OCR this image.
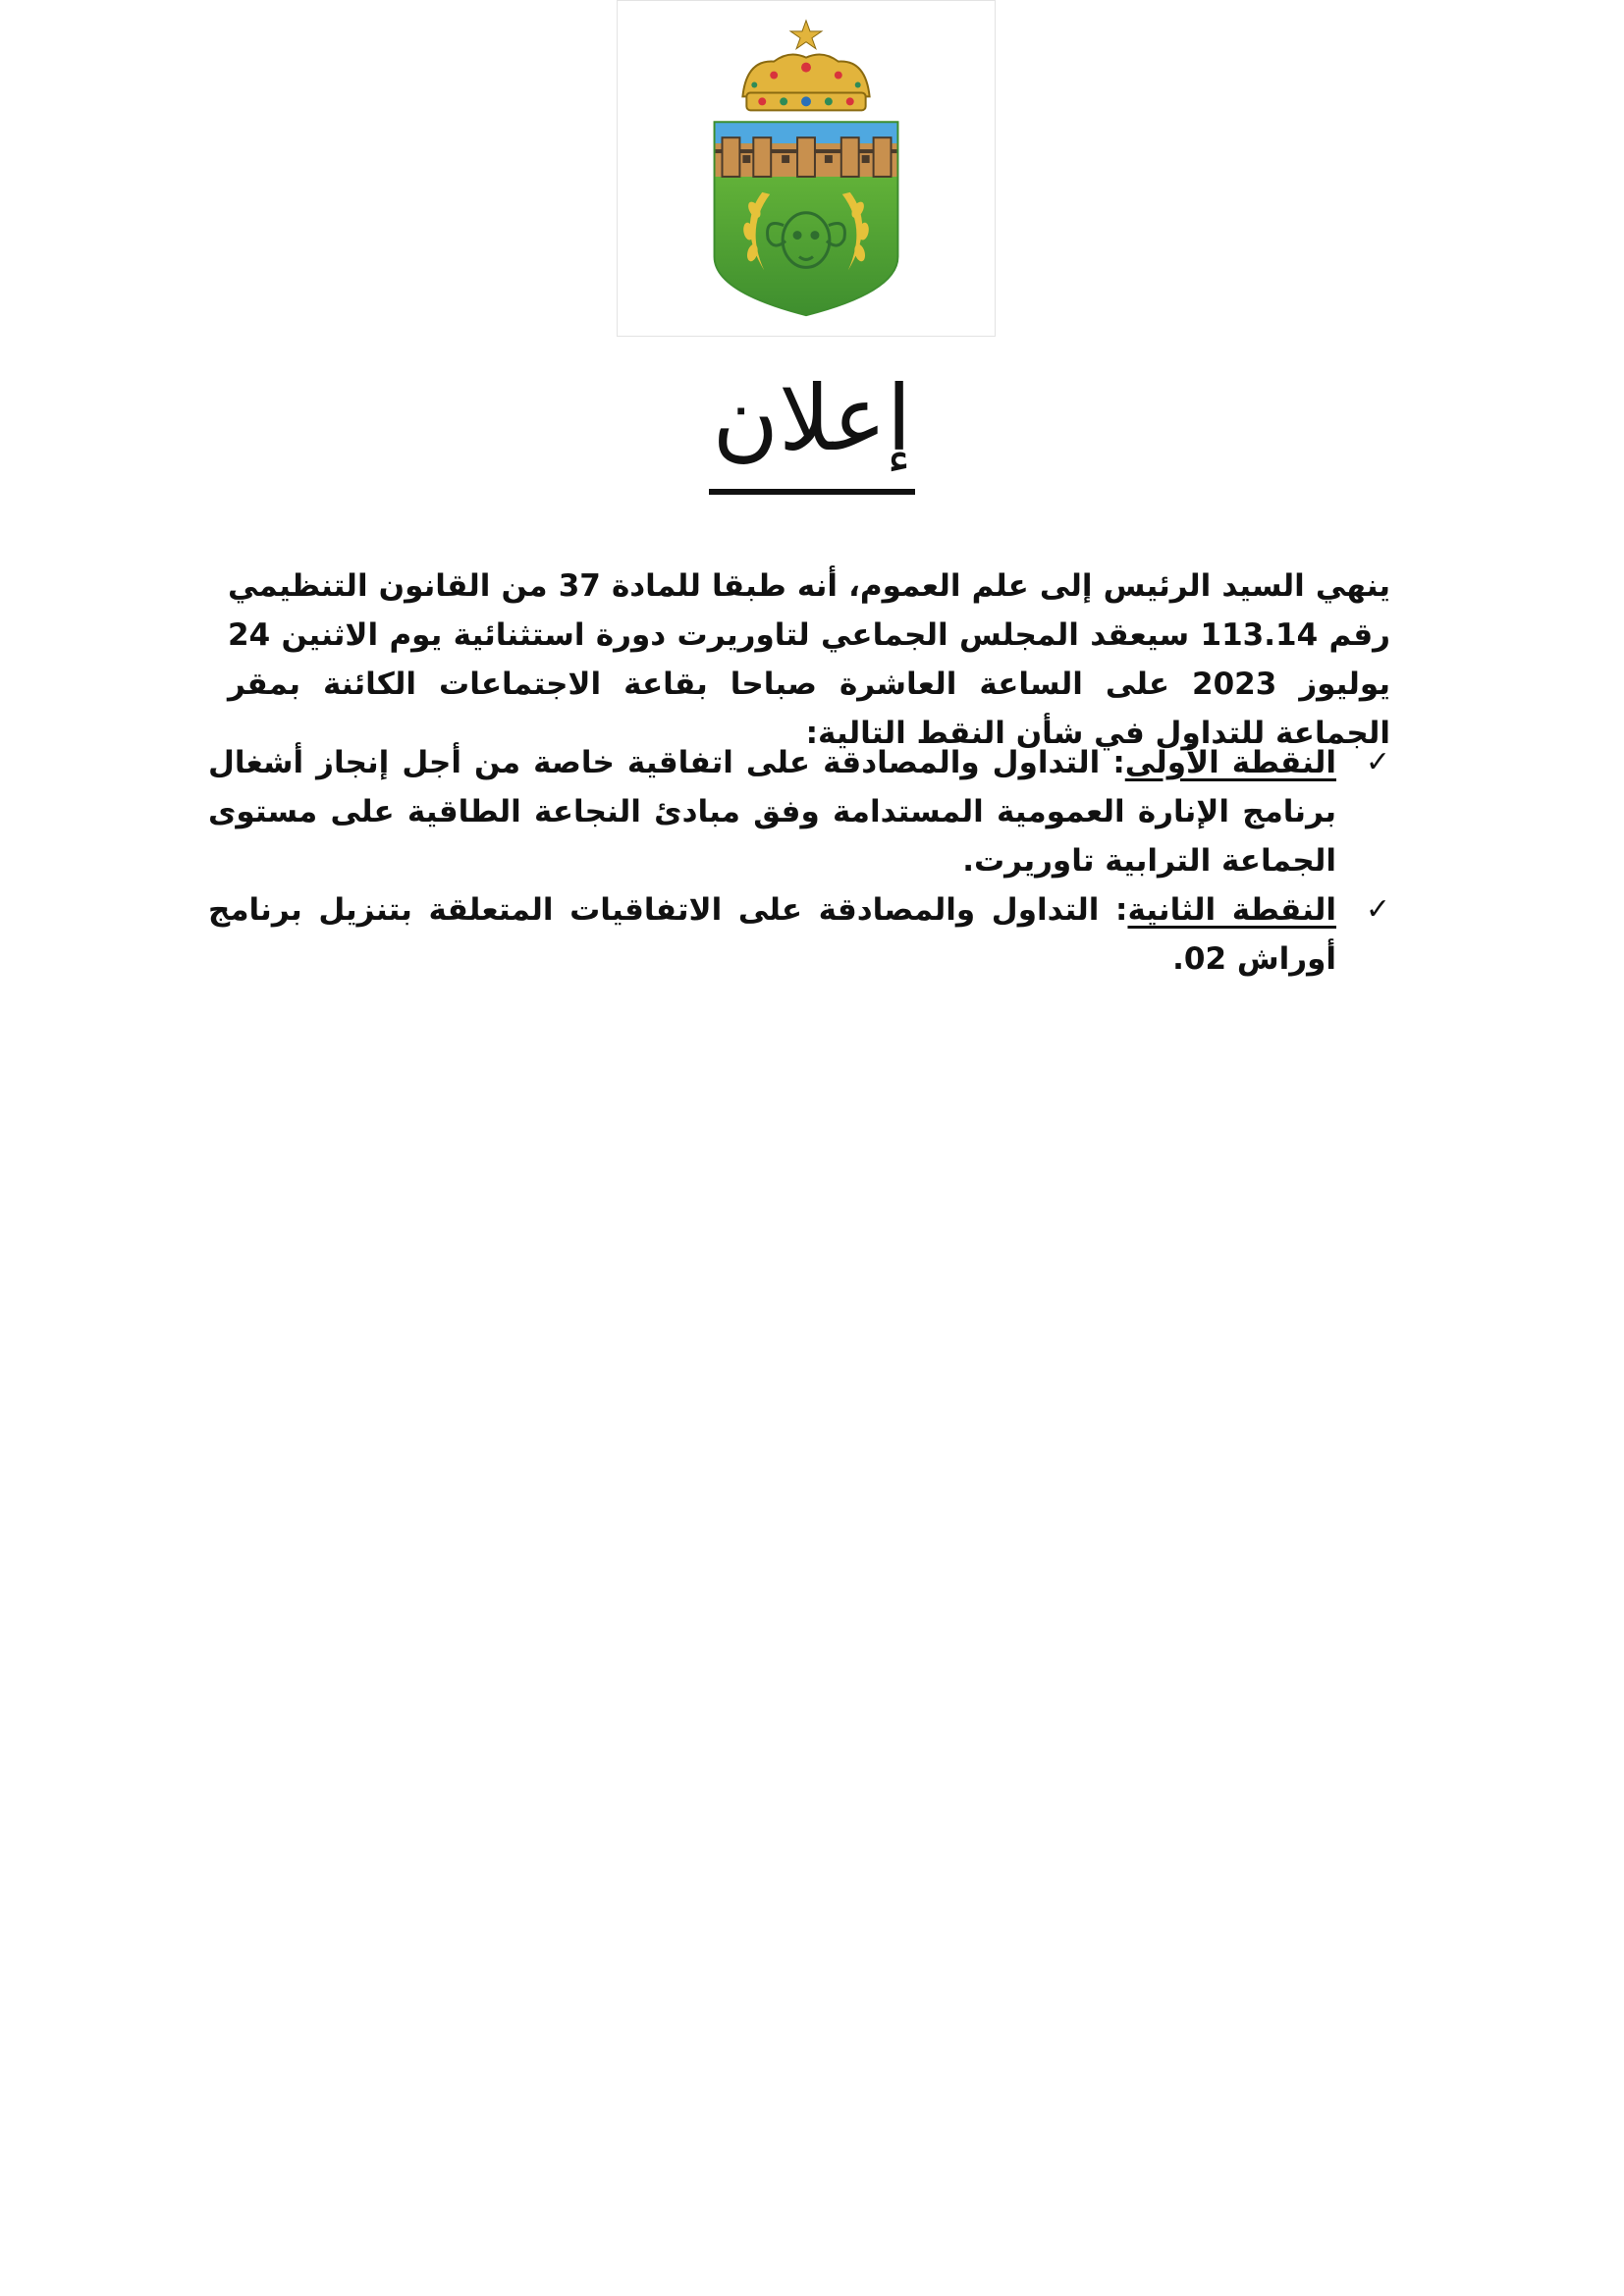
إعلان

ينهي السيد الرئيس إلى علم العموم، أنه طبقا للمادة 37 من القانون التنظيمي رقم 113.14 سيعقد المجلس الجماعي لتاوريرت دورة استثنائية يوم الاثنين 24 يوليوز 2023 على الساعة العاشرة صباحا بقاعة الاجتماعات الكائنة بمقر الجماعة للتداول في شأن النقط التالية:

✓
النقطة الأولى: التداول والمصادقة على اتفاقية خاصة من أجل إنجاز أشغال برنامج الإنارة العمومية المستدامة وفق مبادئ النجاعة الطاقية على مستوى الجماعة الترابية تاوريرت.
✓
النقطة الثانية: التداول والمصادقة على الاتفاقيات المتعلقة بتنزيل برنامج أوراش 02.
